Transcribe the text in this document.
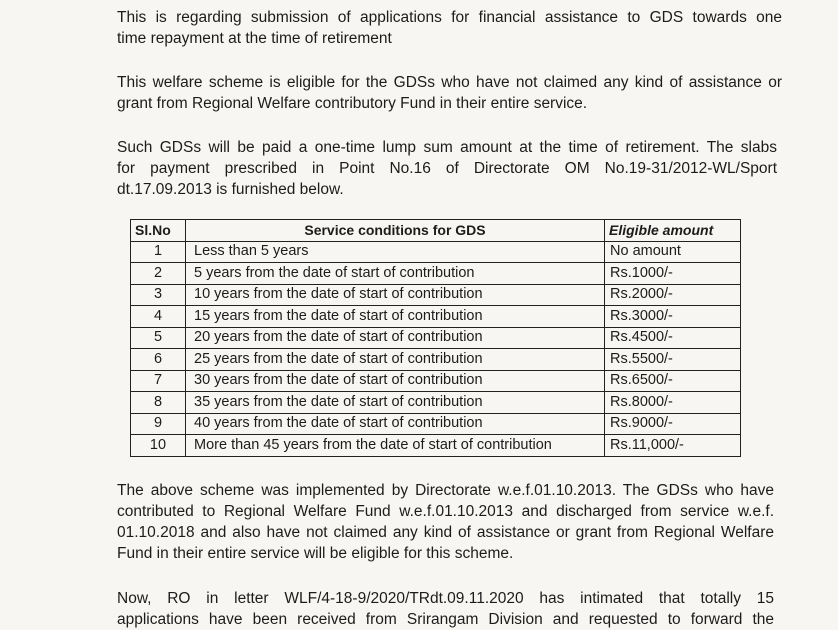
This is regarding submission of applications for financial assistance to GDS towards one
time repayment at the time of retirement
This welfare scheme is eligible for the GDSs who have not claimed any kind of assistance or
grant from Regional Welfare contributory Fund in their entire service.
Such GDSs will be paid a one-time lump sum amount at the time of retirement. The slabs
for payment prescribed in Point No.16 of Directorate OM No.19-31/2012-WL/Sport
dt.17.09.2013 is furnished below.
Sl.No	Service conditions for GDS	Eligible amount
1	Less than 5 years	No amount
2	5 years from the date of start of contribution	Rs.1000/-
3	10 years from the date of start of contribution	Rs.2000/-
4	15 years from the date of start of contribution	Rs.3000/-
5	20 years from the date of start of contribution	Rs.4500/-
6	25 years from the date of start of contribution	Rs.5500/-
7	30 years from the date of start of contribution	Rs.6500/-
8	35 years from the date of start of contribution	Rs.8000/-
9	40 years from the date of start of contribution	Rs.9000/-
10	More than 45 years from the date of start of contribution	Rs.11,000/-
The above scheme was implemented by Directorate w.e.f.01.10.2013. The GDSs who have
contributed to Regional Welfare Fund w.e.f.01.10.2013 and discharged from service w.e.f.
01.10.2018 and also have not claimed any kind of assistance or grant from Regional Welfare
Fund in their entire service will be eligible for this scheme.
Now, RO in letter WLF/4-18-9/2020/TRdt.09.11.2020 has intimated that totally 15
applications have been received from Srirangam Division and requested to forward the
